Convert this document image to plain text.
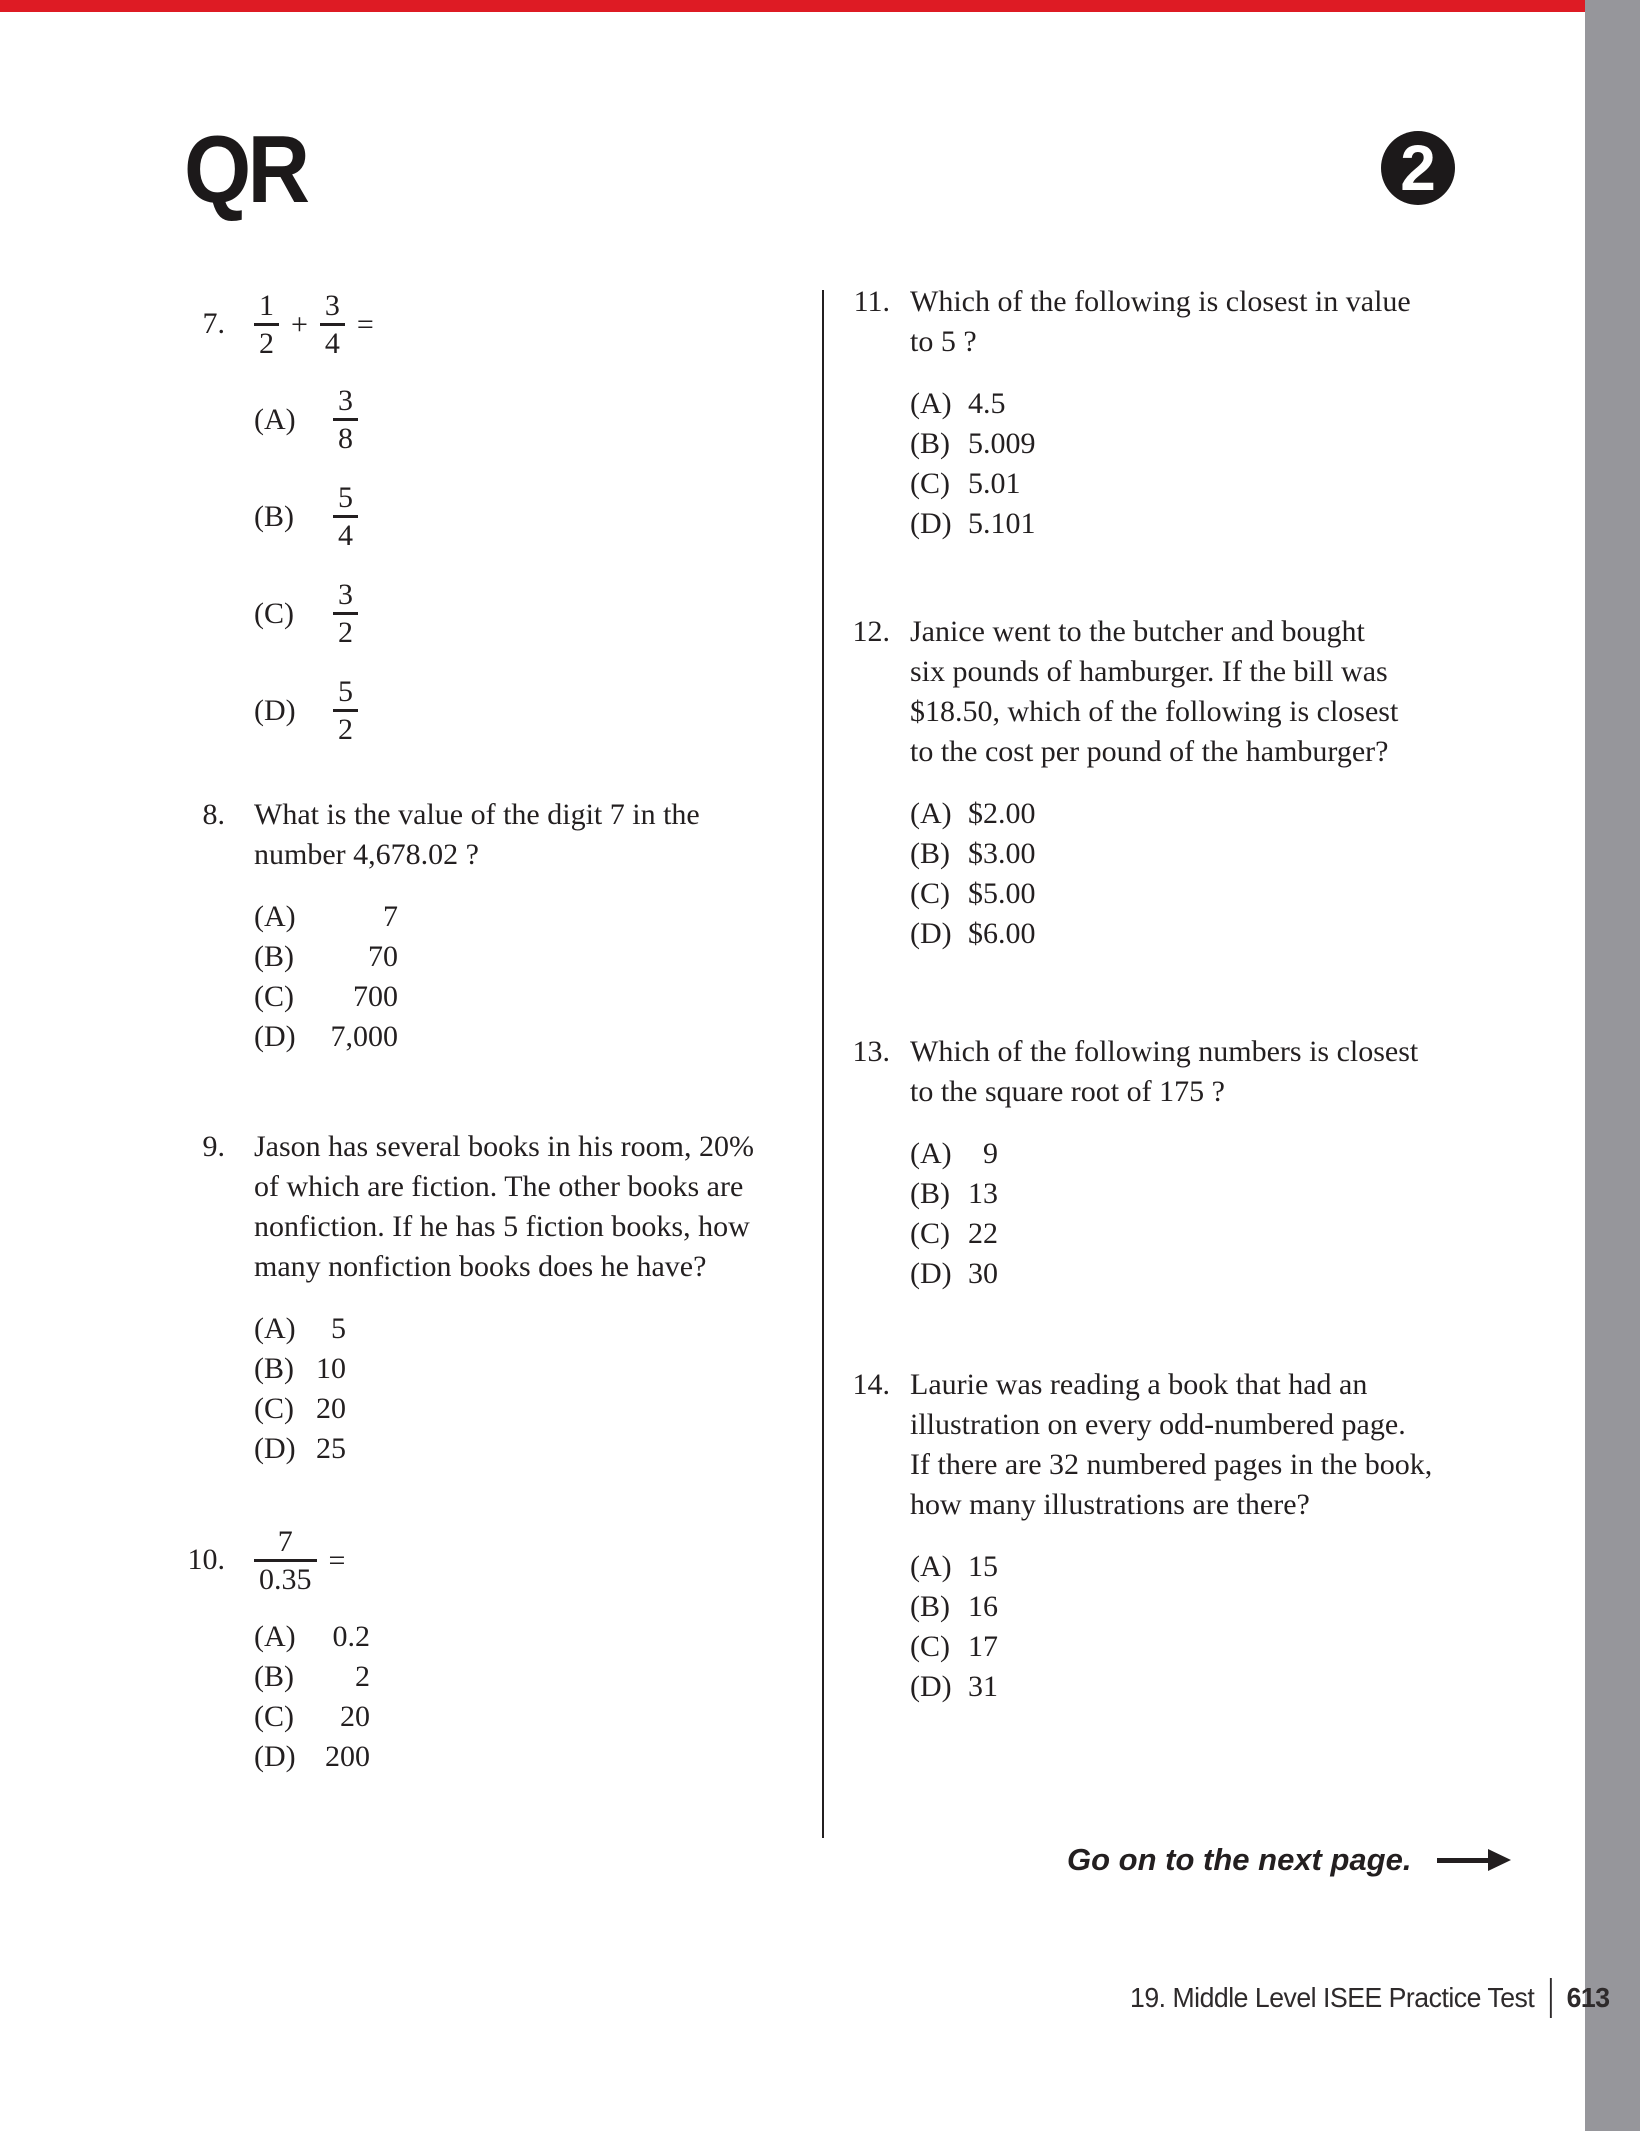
QR	2
7. $\frac{1}{2} + \frac{3}{4}$ =
(A)	$\frac{3}{8}$
(B)	$\frac{5}{4}$
(C)	$\frac{3}{2}$
(D)	$\frac{5}{2}$
8. What is the value of the digit 7 in the
number 4,678.02 ?
(A)	7
(B)	70
(C)	700
(D)	7,000
9. Jason has several books in his room, 20%
of which are fiction. The other books are
nonfiction. If he has 5 fiction books, how
many nonfiction books does he have?
(A)	5
(B) 10
(C) 20
(D) 25
10. $\frac{7}{0.35}$ =
(A)	0.2
(B)	2
(C)	20
(D) 200
11. Which of the following is closest in value
to 5 ?
(A) 4.5
(B) 5.009
(C) 5.01
(D) 5.101
12. Janice went to the butcher and bought
six pounds of hamburger. If the bill was
$18.50, which of the following is closest
to the cost per pound of the hamburger?
(A) $2.00
(B) $3.00
(C) $5.00
(D) $6.00
13. Which of the following numbers is closest
to the square root of 175 ?
(A)	9
(B) 13
(C) 22
(D) 30
14. Laurie was reading a book that had an
illustration on every odd-numbered page.
If there are 32 numbered pages in the book,
how many illustrations are there?
(A) 15
(B) 16
(C) 17
(D) 31
Go on to the next page.
19. Middle Level ISEE Practice Test 613
